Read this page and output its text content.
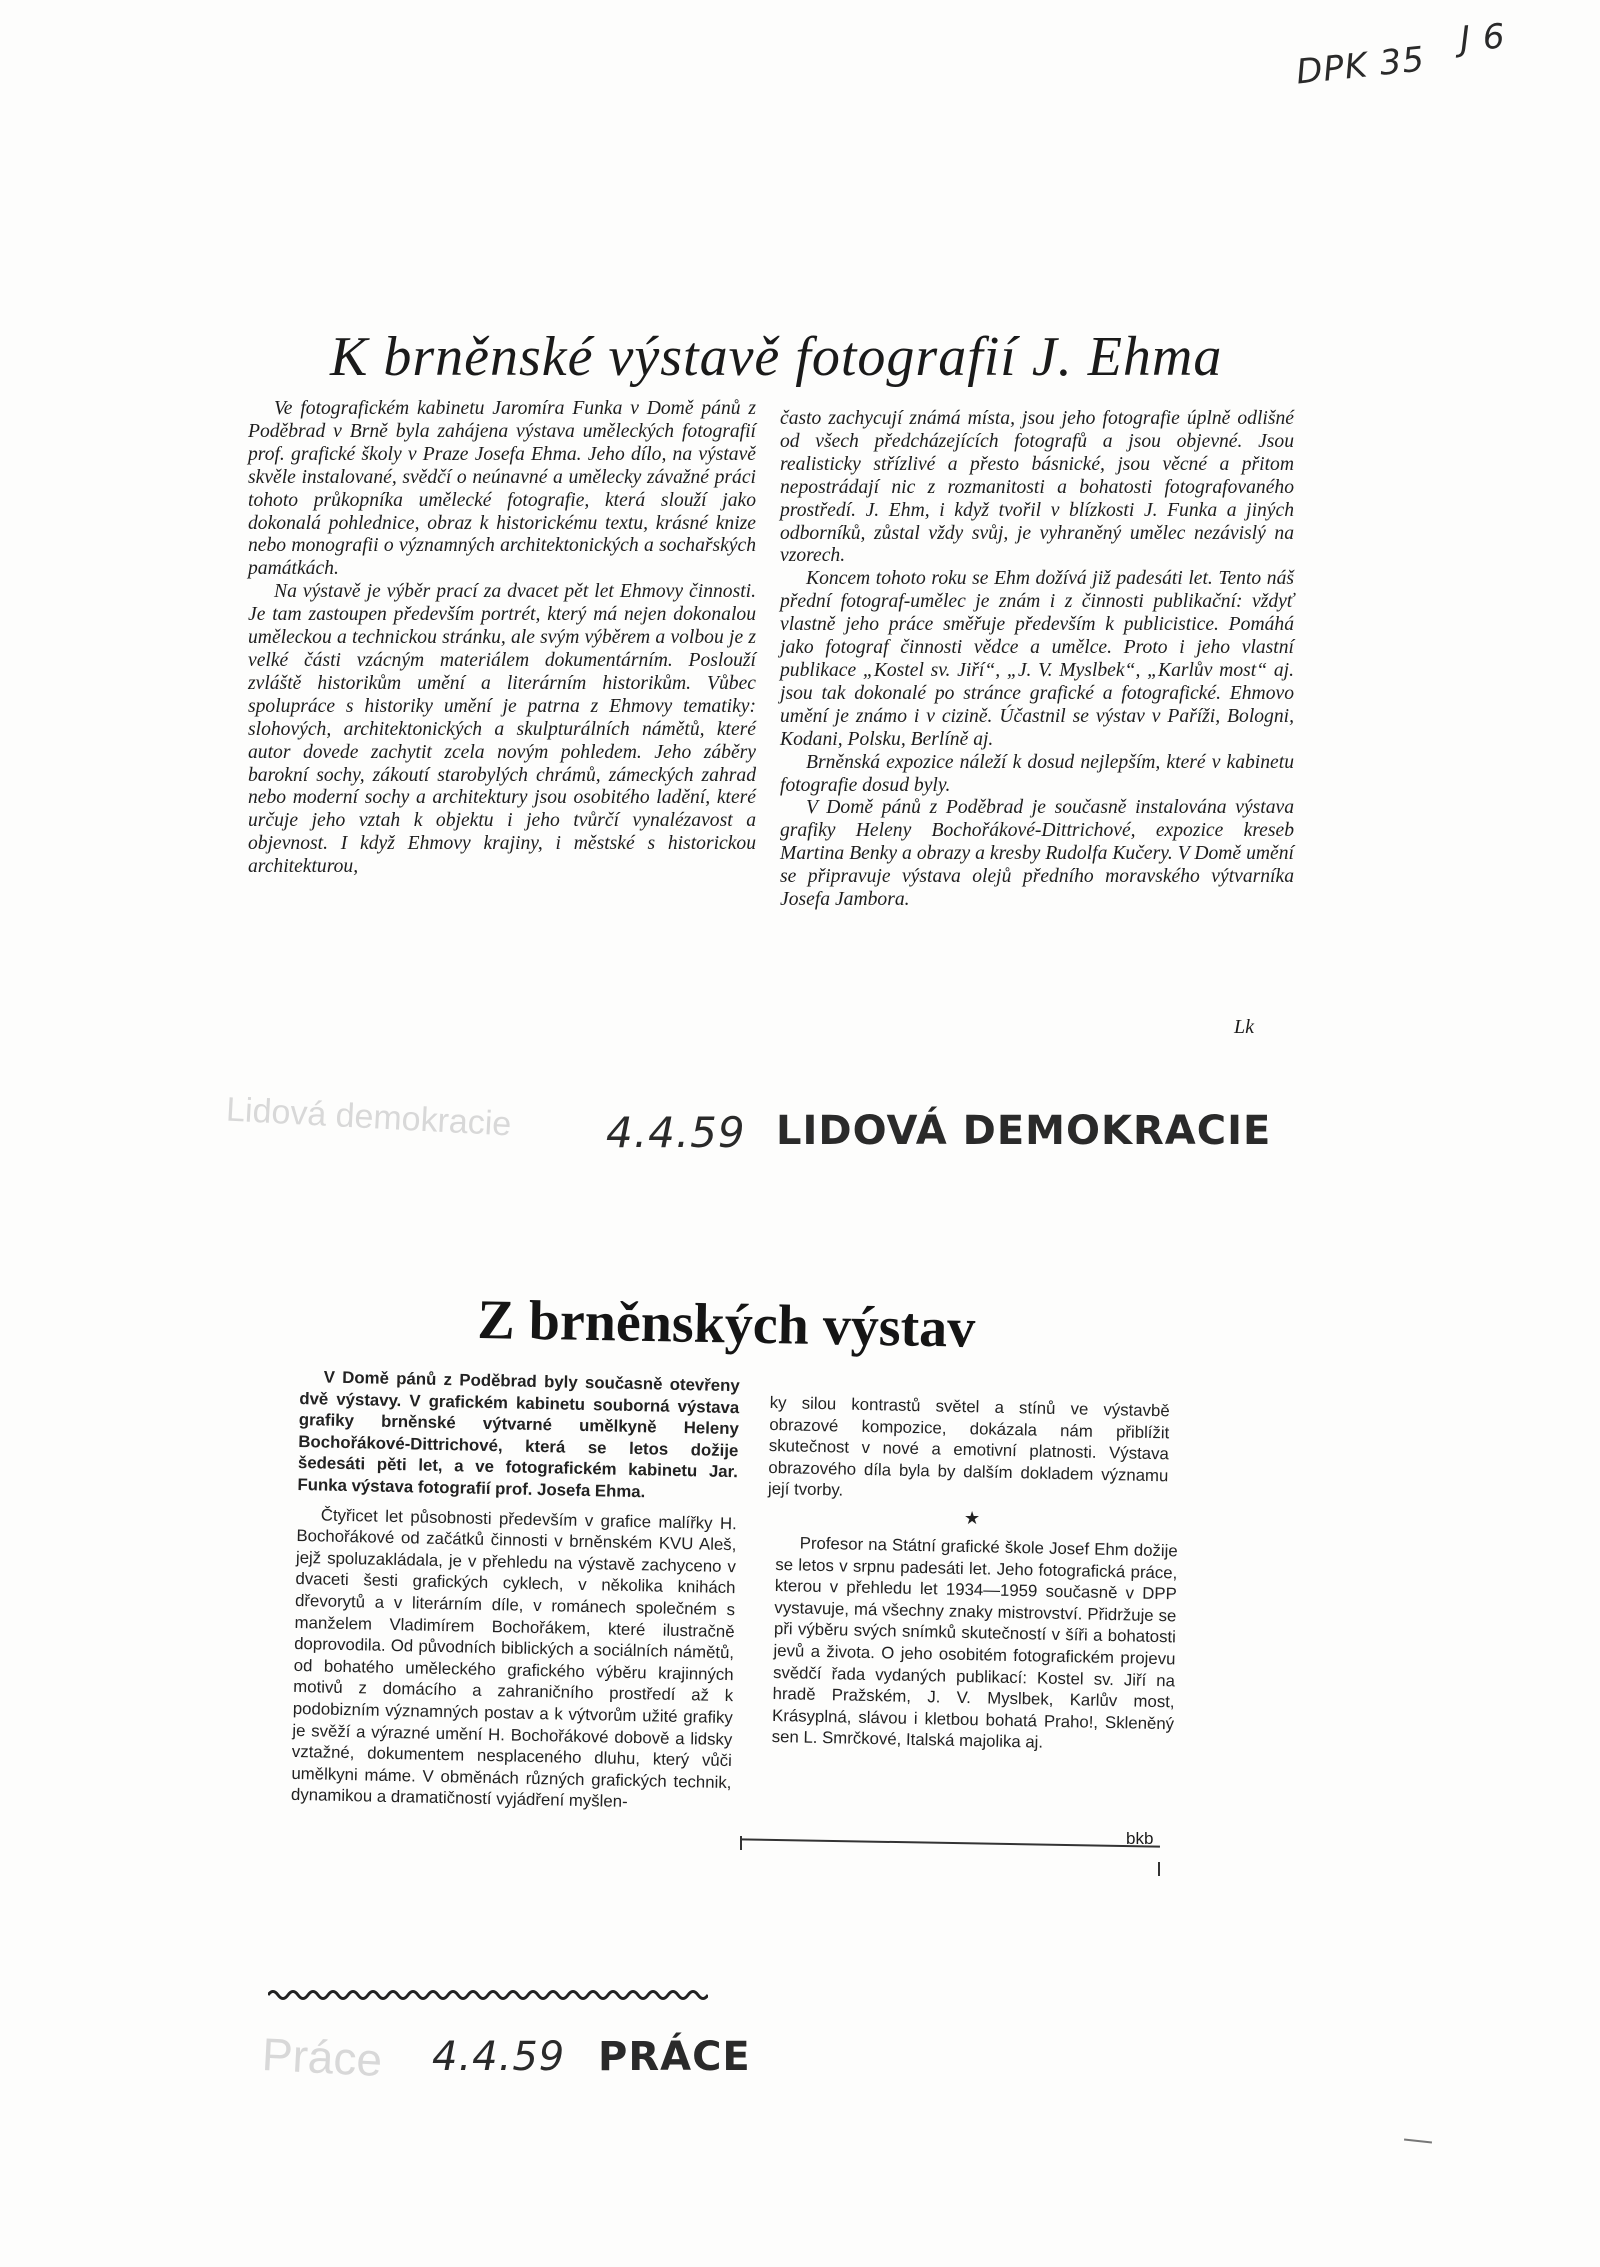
DPK 35
J 6
K brněnské výstavě fotografií J. Ehma

Ve fotografickém kabinetu Jaromíra Funka v Domě pánů z Poděbrad v Brně byla zahájena výstava uměleckých fotografií prof. grafické školy v Praze Josefa Ehma. Jeho dílo, na výstavě skvěle instalované, svědčí o neúnavné a umělecky závažné práci tohoto průkopníka umělecké fotografie, která slouží jako dokonalá pohlednice, obraz k historickému textu, krásné knize nebo monografii o významných architektonických a sochařských památkách.

Na výstavě je výběr prací za dvacet pět let Ehmovy činnosti. Je tam zastoupen především portrét, který má nejen dokonalou uměleckou a technickou stránku, ale svým výběrem a volbou je z velké části vzácným materiálem dokumentárním. Poslouží zvláště historikům umění a literárním historikům. Vůbec spolupráce s historiky umění je patrna z Ehmovy tematiky: slohových, architektonických a skulpturálních námětů, které autor dovede zachytit zcela novým pohledem. Jeho záběry barokní sochy, zákoutí starobylých chrámů, zámeckých zahrad nebo moderní sochy a architektury jsou osobitého ladění, které určuje jeho vztah k objektu i jeho tvůrčí vynalézavost a objevnost. I když Ehmovy krajiny, i městské s historickou architekturou,

často zachycují známá místa, jsou jeho fotografie úplně odlišné od všech předcházejících fotografů a jsou objevné. Jsou realisticky střízlivé a přesto básnické, jsou věcné a přitom nepostrádají nic z rozmanitosti a bohatosti fotografovaného prostředí. J. Ehm, i když tvořil v blízkosti J. Funka a jiných odborníků, zůstal vždy svůj, je vyhraněný umělec nezávislý na vzorech.

Koncem tohoto roku se Ehm dožívá již padesáti let. Tento náš přední fotograf-umělec je znám i z činnosti publikační: vždyť vlastně jeho práce směřuje především k publicistice. Pomáhá jako fotograf činnosti vědce a umělce. Proto i jeho vlastní publikace „Kostel sv. Jiří“, „J. V. Myslbek“, „Karlův most“ aj. jsou tak dokonalé po stránce grafické a fotografické. Ehmovo umění je známo i v cizině. Účastnil se výstav v Paříži, Bologni, Kodani, Polsku, Berlíně aj.

Brněnská expozice náleží k dosud nejlepším, které v kabinetu fotografie dosud byly.

V Domě pánů z Poděbrad je současně instalována výstava grafiky Heleny Bochořákové-Dittrichové, expozice kreseb Martina Benky a obrazy a kresby Rudolfa Kučery. V Domě umění se připravuje výstava olejů předního moravského výtvarníka Josefa Jambora.

Lk
Lidová demokracie 4.4.59 LIDOVÁ DEMOKRACIE
Z brněnských výstav

V Domě pánů z Poděbrad byly současně otevřeny dvě výstavy. V grafickém kabinetu souborná výstava grafiky brněnské výtvarné umělkyně Heleny Bochořákové-Dittrichové, která se letos dožije šedesáti pěti let, a ve fotografickém kabinetu Jar. Funka výstava fotografií prof. Josefa Ehma.

Čtyřicet let působnosti především v grafice malířky H. Bochořákové od začátků činnosti v brněnském KVU Aleš, jejž spoluzakládala, je v přehledu na výstavě zachyceno v dvaceti šesti grafických cyklech, v několika knihách dřevorytů a v literárním díle, v románech společném s manželem Vladimírem Bochořákem, které ilustračně doprovodila. Od původních biblických a sociálních námětů, od bohatého uměleckého grafického výběru krajinných motivů z domácího a zahraničního prostředí až k podobizním významných postav a k výtvorům užité grafiky je svěží a výrazné umění H. Bochořákové dobově a lidsky vztažné, dokumentem nesplaceného dluhu, který vůči umělkyni máme. V obměnách různých grafických technik, dynamikou a dramatičností vyjádření myšlen-

ky silou kontrastů světel a stínů ve výstavbě obrazové kompozice, dokázala nám přiblížit skutečnost v nové a emotivní platnosti. Výstava obrazového díla byla by dalším dokladem významu její tvorby.

★

Profesor na Státní grafické škole Josef Ehm dožije se letos v srpnu padesáti let. Jeho fotografická práce, kterou v přehledu let 1934—1959 současně v DPP vystavuje, má všechny znaky mistrovství. Přidržuje se při výběru svých snímků skutečností v šíři a bohatosti jevů a života. O jeho osobitém fotografickém projevu svědčí řada vydaných publikací: Kostel sv. Jiří na hradě Pražském, J. V. Myslbek, Karlův most, Krásyplná, slávou i kletbou bohatá Praho!, Skleněný sen L. Smrčkové, Italská majolika aj.

bkb
Práce 4.4.59 PRÁCE
